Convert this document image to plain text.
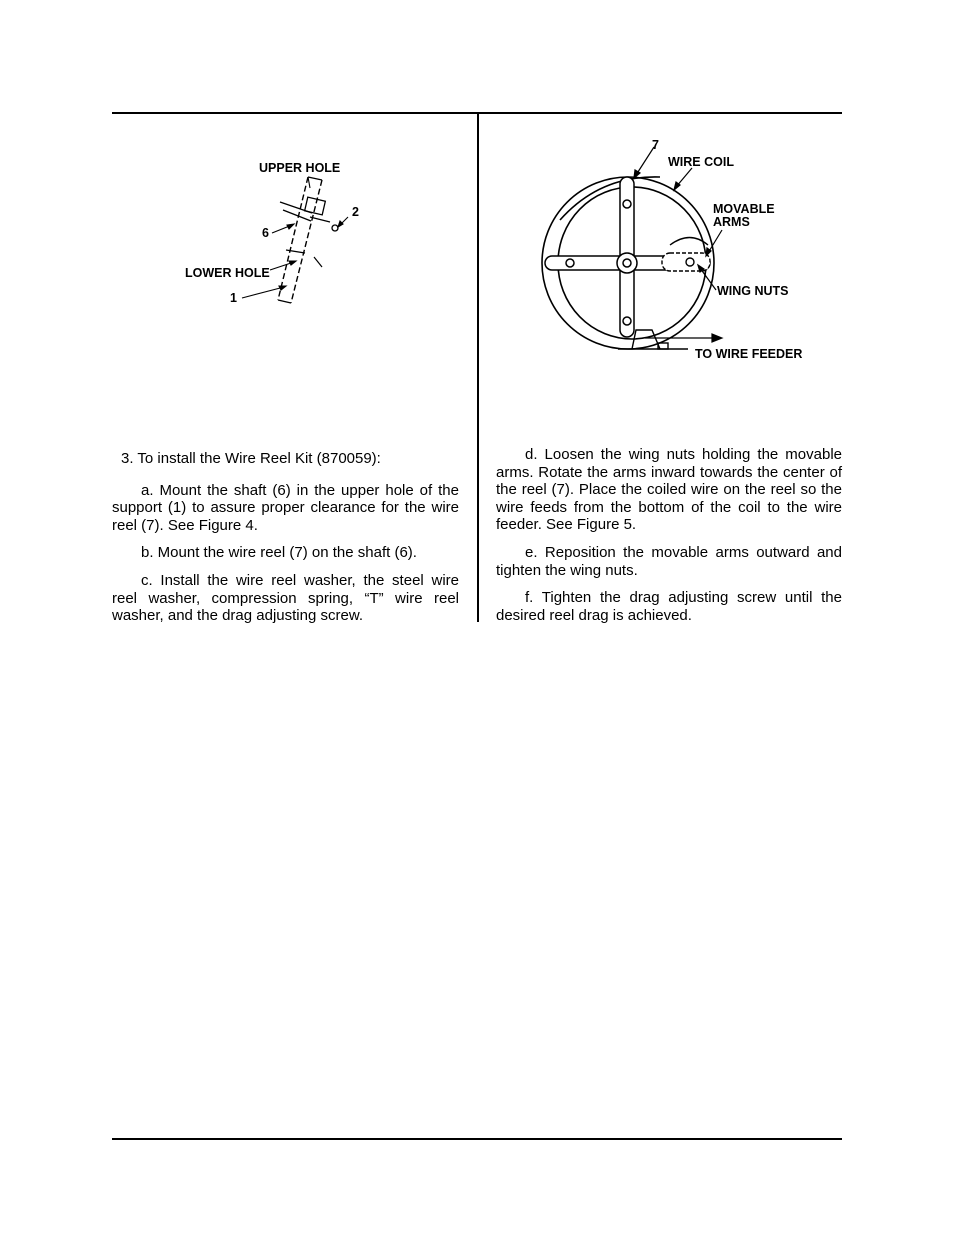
UPPER HOLE
6
2
LOWER HOLE
1
7
WIRE COIL
MOVABLE
ARMS
WING NUTS
TO WIRE FEEDER

3. To install the Wire Reel Kit (870059):

a. Mount the shaft (6) in the upper hole of the support (1) to assure proper clearance for the wire reel (7). See Figure 4.

b. Mount the wire reel (7) on the shaft (6).

c. Install the wire reel washer, the steel wire reel washer, compression spring, “T” wire reel washer, and the drag adjusting screw.

d. Loosen the wing nuts holding the movable arms. Rotate the arms inward towards the center of the reel (7). Place the coiled wire on the reel so the wire feeds from the bottom of the coil to the wire feeder. See Figure 5.

e. Reposition the movable arms outward and tighten the wing nuts.

f. Tighten the drag adjusting screw until the desired reel drag is achieved.
